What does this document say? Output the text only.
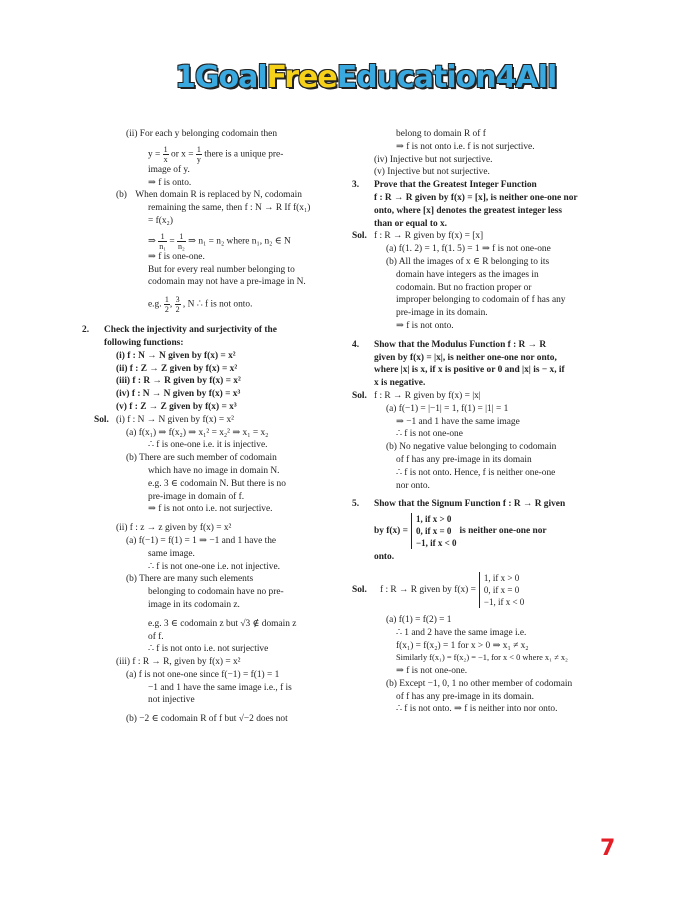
1GoalFreeEducation4All
(ii) For each y belonging codomain then
$y = \frac{1}{x}$ or $x = \frac{1}{y}$ there is a unique pre-
image of y.
⇒ f is onto.
(b) When domain R is replaced by N, codomain
remaining the same, then f : N → R If f(x₁)
= f(x₂)
⇒ $\frac{1}{\text{n₁}} = \frac{1}{\text{n₂}}$ ⇒ n₁ = n₂ where n₁, n₂ ∈ N
⇒ f is one-one.
But for every real number belonging to
codomain may not have a pre-image in N.
e.g. $\frac{1}{2}$ , $\frac{3}{2}$ , N ∴ f is not onto.
2. Check the injectivity and surjectivity of the
following functions:
(i) f : N → N given by f(x) = x²
(ii) f : Z → Z given by f(x) = x²
(iii) f : R → R given by f(x) = x²
(iv) f : N → N given by f(x) = x³
(v) f : Z → Z given by f(x) = x³
Sol. (i) f : N → N given by f(x) = x²
(a) f(x₁) ⇒ f(x₂) ⇒ x₁² = x₂² ⇒ x₁ = x₂
∴ f is one-one i.e. it is injective.
(b) There are such member of codomain
which have no image in domain N.
e.g. 3 ∈ codomain N. But there is no
pre-image in domain of f.
⇒ f is not onto i.e. not surjective.
(ii) f : z → z given by f(x) = x²
(a) f(−1) = f(1) = 1 ⇒ −1 and 1 have the
same image.
∴ f is not one-one i.e. not injective.
(b) There are many such elements
belonging to codomain have no pre-
image in its codomain z.
e.g. 3 ∈ codomain z but √3 ∉ domain z
of f.
∴ f is not onto i.e. not surjective
(iii) f : R → R, given by f(x) = x²
(a) f is not one-one since f(−1) = f(1) = 1
−1 and 1 have the same image i.e., f is
not injective
(b) −2 ∈ codomain R of f but √−2 does not
belong to domain R of f
⇒ f is not onto i.e. f is not surjective.
(iv) Injective but not surjective.
(v) Injective but not surjective.
3. Prove that the Greatest Integer Function
f : R → R given by f(x) = [x], is neither one-one nor
onto, where [x] denotes the greatest integer less
than or equal to x.
Sol. f : R → R given by f(x) = [x]
(a) f(1. 2) = 1, f(1. 5) = 1 ⇒ f is not one-one
(b) All the images of x ∈ R belonging to its
domain have integers as the images in
codomain. But no fraction proper or
improper belonging to codomain of f has any
pre-image in its domain.
⇒ f is not onto.
4. Show that the Modulus Function f : R → R
given by f(x) = |x|, is neither one-one nor onto,
where |x| is x, if x is positive or 0 and |x| is − x, if
x is negative.
Sol. f : R → R given by f(x) = |x|
(a) f(−1) = |−1| = 1, f(1) = |1| = 1
⇒ −1 and 1 have the same image
∴ f is not one-one
(b) No negative value belonging to codomain
of f has any pre-image in its domain
∴ f is not onto. Hence, f is neither one-one
nor onto.
5. Show that the Signum Function f : R → R given
by f(x) =
1, if x > 0
0, if x = 0
−1, if x < 0
is neither one-one nor
onto.
Sol.	f : R → R given by f(x) =
1, if x > 0
0, if x = 0
−1, if x < 0
(a) f(1) = f(2) = 1
∴ 1 and 2 have the same image i.e.
f(x₁) = f(x₂) = 1 for x > 0 ⇒ x₁ ≠ x₂
Similarly f(x₁) = f(x₂) = −1, for x < 0 where x₁ ≠ x₂
⇒ f is not one-one.
(b) Except −1, 0, 1 no other member of codomain
of f has any pre-image in its domain.
∴ f is not onto. ⇒ f is neither into nor onto.
7
